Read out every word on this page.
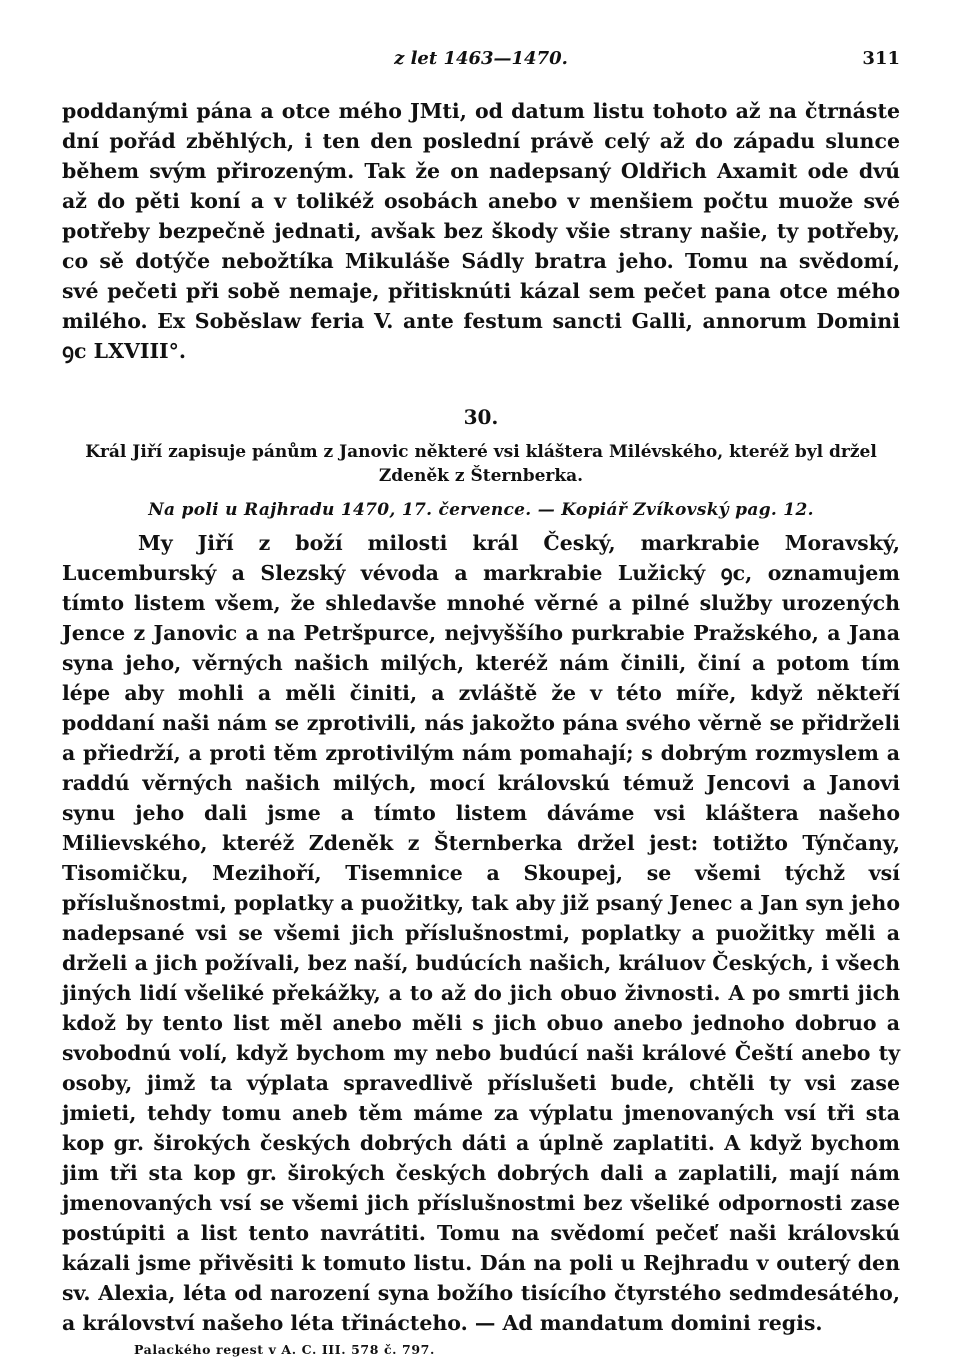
z let 1463—1470.	311

poddanými pána a otce mého JMti, od datum listu tohoto až na čtrnáste dní pořád zběhlých, i ten den poslední právě celý až do západu slunce během svým přirozeným. Tak že on nadepsaný Oldřich Axamit ode dvú až do pěti koní a v tolikéž osobách anebo v menšiem počtu muože své potřeby bezpečně jednati, avšak bez škody všie strany našie, ty potřeby, co sě dotýče nebožtíka Mikuláše Sádly bratra jeho. Tomu na svědomí, své pečeti při sobě nemaje, přitisknúti kázal sem pečet pana otce mého milého. Ex Soběslaw feria V. ante festum sancti Galli, annorum Domini ꝯc LXVIII°.

30.
Král Jiří zapisuje pánům z Janovic některé vsi kláštera Milévského, kteréž byl držel Zdeněk z Šternberka.
Na poli u Rajhradu 1470, 17. července. — Kopiář Zvíkovský pag. 12.

My Jiří z boží milosti král Český, markrabie Moravský, Lucemburský a Slezský vévoda a markrabie Lužický ꝯc, oznamujem tímto listem všem, že shledavše mnohé věrné a pilné služby urozených Jence z Janovic a na Petršpurce, nejvyššího purkrabie Pražského, a Jana syna jeho, věrných našich milých, kteréž nám činili, činí a potom tím lépe aby mohli a měli činiti, a zvláště že v této míře, když někteří poddaní naši nám se zprotivili, nás jakožto pána svého věrně se přidrželi a přiedrží, a proti těm zprotivilým nám pomahají; s dobrým rozmyslem a raddú věrných našich milých, mocí královskú témuž Jencovi a Janovi synu jeho dali jsme a tímto listem dáváme vsi kláštera našeho Milievského, kteréž Zdeněk z Šternberka držel jest: totižto Týnčany, Tisomičku, Mezihoří, Tisemnice a Skoupej, se všemi týchž vsí příslušnostmi, poplatky a puožitky, tak aby již psaný Jenec a Jan syn jeho nadepsané vsi se všemi jich příslušnostmi, poplatky a puožitky měli a drželi a jich požívali, bez naší, budúcích našich, králuov Českých, i všech jiných lidí všeliké překážky, a to až do jich obuo živnosti. A po smrti jich kdož by tento list měl anebo měli s jich obuo anebo jednoho dobruo a svobodnú volí, když bychom my nebo budúcí naši králové Čeští anebo ty osoby, jimž ta výplata spravedlivě příslušeti bude, chtěli ty vsi zase jmieti, tehdy tomu aneb těm máme za výplatu jmenovaných vsí tři sta kop gr. širokých českých dobrých dáti a úplně zaplatiti. A když bychom jim tři sta kop gr. širokých českých dobrých dali a zaplatili, mají nám jmenovaných vsí se všemi jich příslušnostmi bez všeliké odpornosti zase postúpiti a list tento navrátiti. Tomu na svědomí pečeť naši královskú kázali jsme přivěsiti k tomuto listu. Dán na poli u Rejhradu v outerý den sv. Alexia, léta od narození syna božího tisícího čtyrstého sedmdesátého, a království našeho léta třinácteho. — Ad mandatum domini regis.

Palackého regest v A. C. III. 578 č. 797.
